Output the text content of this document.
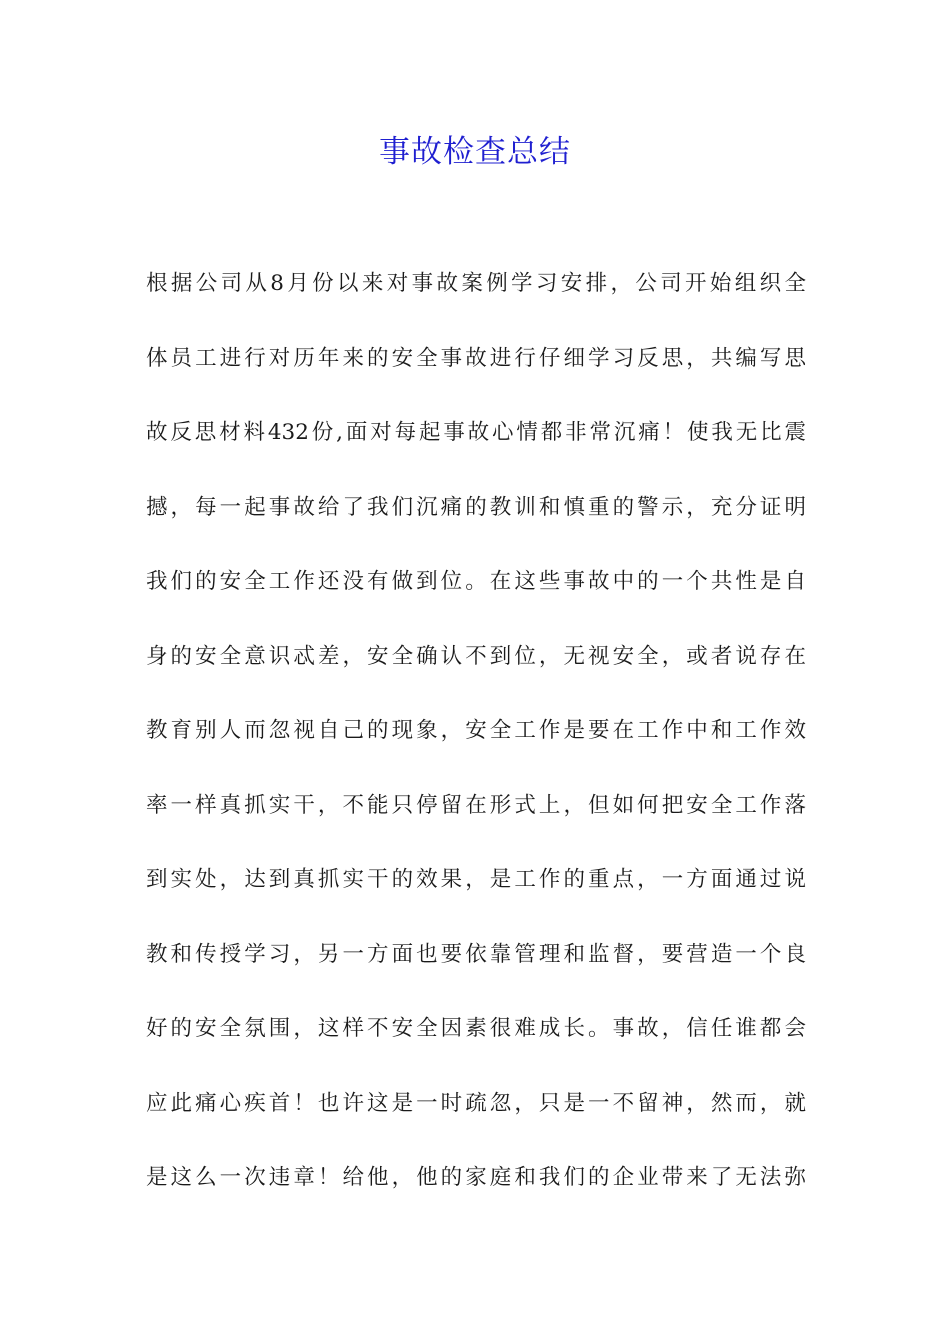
事故检查总结
根据公司从8月份以来对事故案例学习安排，公司开始组织全
体员工进行对历年来的安全事故进行仔细学习反思，共编写思
故反思材料432份,面对每起事故心情都非常沉痛！使我无比震
撼，每一起事故给了我们沉痛的教训和慎重的警示，充分证明
我们的安全工作还没有做到位。在这些事故中的一个共性是自
身的安全意识忒差，安全确认不到位，无视安全，或者说存在
教育别人而忽视自己的现象，安全工作是要在工作中和工作效
率一样真抓实干，不能只停留在形式上，但如何把安全工作落
到实处，达到真抓实干的效果，是工作的重点，一方面通过说
教和传授学习，另一方面也要依靠管理和监督，要营造一个良
好的安全氛围，这样不安全因素很难成长。事故，信任谁都会
应此痛心疾首！也许这是一时疏忽，只是一不留神，然而，就
是这么一次违章！给他，他的家庭和我们的企业带来了无法弥
